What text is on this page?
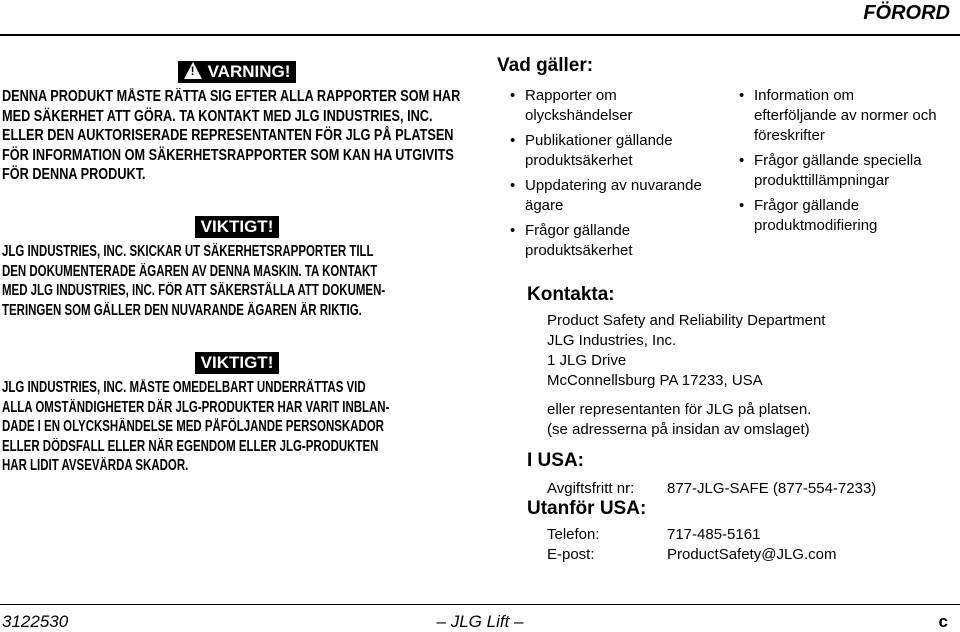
FÖRORD
! VARNING!

DENNA PRODUKT MÅSTE RÄTTA SIG EFTER ALLA RAPPORTER SOM HAR MED SÄKERHET ATT GÖRA. TA KONTAKT MED JLG INDUSTRIES, INC. ELLER DEN AUKTORISERADE REPRESENTANTEN FÖR JLG PÅ PLATSEN FÖR INFORMATION OM SÄKERHETSRAPPORTER SOM KAN HA UTGIVITS FÖR DENNA PRODUKT.

VIKTIGT!
JLG INDUSTRIES, INC. SKICKAR UT SÄKERHETSRAPPORTER TILL
DEN DOKUMENTERADE ÄGAREN AV DENNA MASKIN. TA KONTAKT
MED JLG INDUSTRIES, INC. FÖR ATT SÄKERSTÄLLA ATT DOKUMEN-
TERINGEN SOM GÄLLER DEN NUVARANDE ÄGAREN ÄR RIKTIG.
VIKTIGT!
JLG INDUSTRIES, INC. MÅSTE OMEDELBART UNDERRÄTTAS VID
ALLA OMSTÄNDIGHETER DÄR JLG-PRODUKTER HAR VARIT INBLAN-
DADE I EN OLYCKSHÄNDELSE MED PÅFÖLJANDE PERSONSKADOR
ELLER DÖDSFALL ELLER NÄR EGENDOM ELLER JLG-PRODUKTEN
HAR LIDIT AVSEVÄRDA SKADOR.
Vad gäller:
• Rapporter om
olyckshändelser
• Publikationer gällande
produktsäkerhet
• Uppdatering av nuvarande
ägare
• Frågor gällande
produktsäkerhet
• Information om
efterföljande av normer och
föreskrifter
• Frågor gällande speciella
produkttillämpningar
• Frågor gällande
produktmodifiering
Kontakta:
Product Safety and Reliability Department
JLG Industries, Inc.
1 JLG Drive
McConnellsburg PA 17233, USA
eller representanten för JLG på platsen.
(se adresserna på insidan av omslaget)
I USA:
Avgiftsfritt nr: 877-JLG-SAFE (877-554-7233)
Utanför USA:
Telefon:	717-485-5161
E-post:	ProductSafety@JLG.com
3122530	– JLG Lift –	c
